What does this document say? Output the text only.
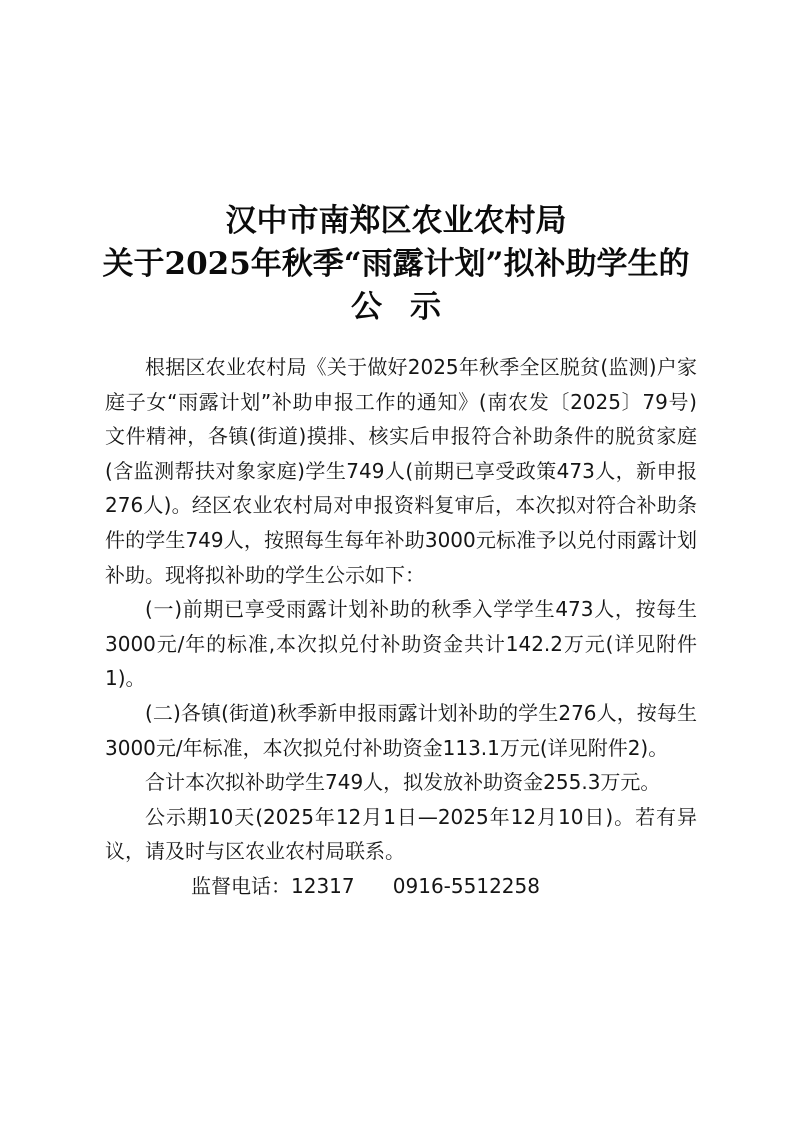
汉中市南郑区农业农村局
关于2025年秋季“雨露计划”拟补助学生的
公示

根据区农业农村局《关于做好2025年秋季全区脱贫(监测)户家庭子女“雨露计划”补助申报工作的通知》(南农发〔2025〕79号)文件精神，各镇(街道)摸排、核实后申报符合补助条件的脱贫家庭(含监测帮扶对象家庭)学生749人(前期已享受政策473人，新申报276人)。经区农业农村局对申报资料复审后，本次拟对符合补助条件的学生749人，按照每生每年补助3000元标准予以兑付雨露计划补助。现将拟补助的学生公示如下：

(一)前期已享受雨露计划补助的秋季入学学生473人，按每生3000元/年的标准,本次拟兑付补助资金共计142.2万元(详见附件1)。

(二)各镇(街道)秋季新申报雨露计划补助的学生276人，按每生3000元/年标准，本次拟兑付补助资金113.1万元(详见附件2)。

合计本次拟补助学生749人，拟发放补助资金255.3万元。

公示期10天(2025年12月1日—2025年12月10日)。若有异议，请及时与区农业农村局联系。

监督电话：12317 0916-5512258
